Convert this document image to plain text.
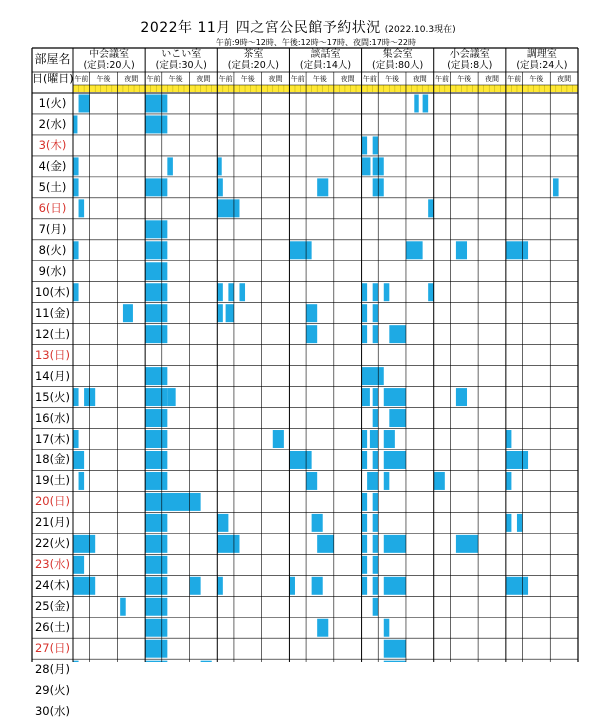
2022年 11月 四之宮公民館予約状況 (2022.10.3現在)
午前:9時～12時、午後:12時～17時、夜間:17時～22時
中会議室
(定員:20人)
午前	午後	夜間
いこい室
(定員:30人)
午前	午後	夜間
茶室
(定員:20人)
午前	午後	夜間
談話室
(定員:14人)
午前	午後	夜間
集会室
(定員:80人)
午前	午後	夜間
小会議室
(定員:8人)
午前	午後	夜間
調理室
(定員:24人)
午前	午後	夜間
部屋名
日(曜日)
1(火)
2(水)
3(木)
4(金)
5(土)
6(日)
7(月)
8(火)
9(水)
10(木)
11(金)
12(土)
13(日)
14(月)
15(火)
16(水)
17(木)
18(金)
19(土)
20(日)
21(月)
22(火)
23(水)
24(木)
25(金)
26(土)
27(日)
28(月)
29(火)
30(水)
